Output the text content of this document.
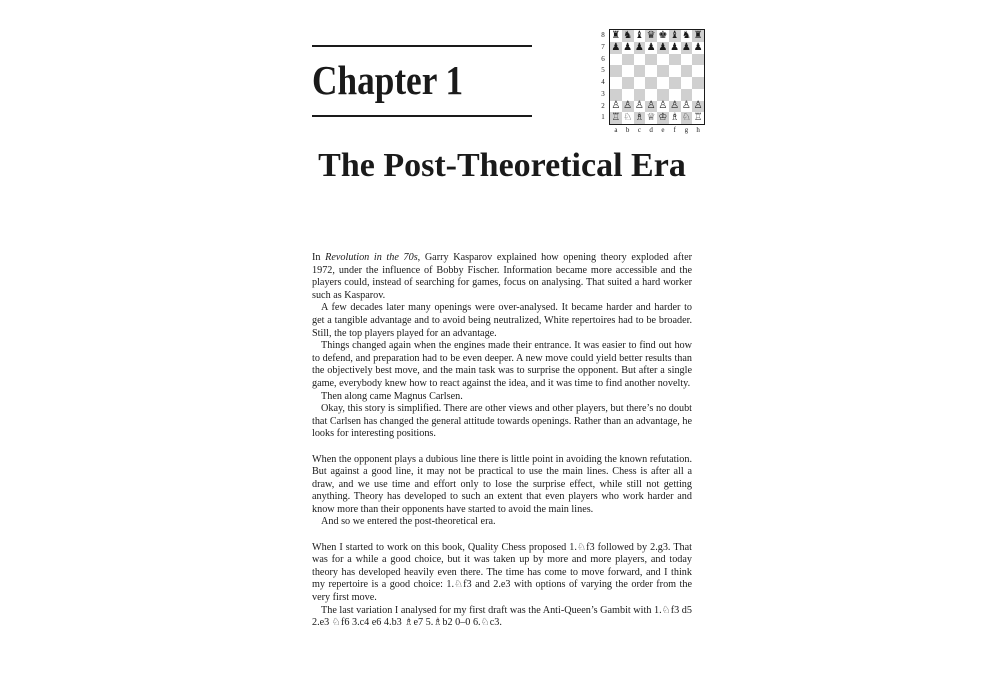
Chapter 1
8
7
6
5
4
3
2
1
♜ ♞ ♝ ♛ ♚ ♝ ♞ ♜
♟ ♟ ♟ ♟ ♟ ♟ ♟ ♟
♙ ♙ ♙ ♙ ♙ ♙ ♙ ♙
♖ ♘ ♗ ♕ ♔ ♗ ♘ ♖
a	b	c	d	e	f	g	h
The Post-Theoretical Era

In Revolution in the 70s, Garry Kasparov explained how opening theory exploded after 1972, under the influence of Bobby Fischer. Information became more accessible and the players could, instead of searching for games, focus on analysing. That suited a hard worker such as Kasparov.

A few decades later many openings were over-analysed. It became harder and harder to get a tangible advantage and to avoid being neutralized, White repertoires had to be broader. Still, the top players played for an advantage.

Things changed again when the engines made their entrance. It was easier to find out how to defend, and preparation had to be even deeper. A new move could yield better results than the objectively best move, and the main task was to surprise the opponent. But after a single game, everybody knew how to react against the idea, and it was time to find another novelty.

Then along came Magnus Carlsen.

Okay, this story is simplified. There are other views and other players, but there’s no doubt that Carlsen has changed the general attitude towards openings. Rather than an advantage, he looks for interesting positions.

When the opponent plays a dubious line there is little point in avoiding the known refutation. But against a good line, it may not be practical to use the main lines. Chess is after all a draw, and we use time and effort only to lose the surprise effect, while still not getting anything. Theory has developed to such an extent that even players who work harder and know more than their opponents have started to avoid the main lines.

And so we entered the post-theoretical era.

When I started to work on this book, Quality Chess proposed 1.♘f3 followed by 2.g3. That was for a while a good choice, but it was taken up by more and more players, and today theory has developed heavily even there. The time has come to move forward, and I think my repertoire is a good choice: 1.♘f3 and 2.e3 with options of varying the order from the very first move.

The last variation I analysed for my first draft was the Anti-Queen’s Gambit with 1.♘f3 d5 2.e3 ♘f6 3.c4 e6 4.b3 ♗e7 5.♗b2 0–0 6.♘c3.
